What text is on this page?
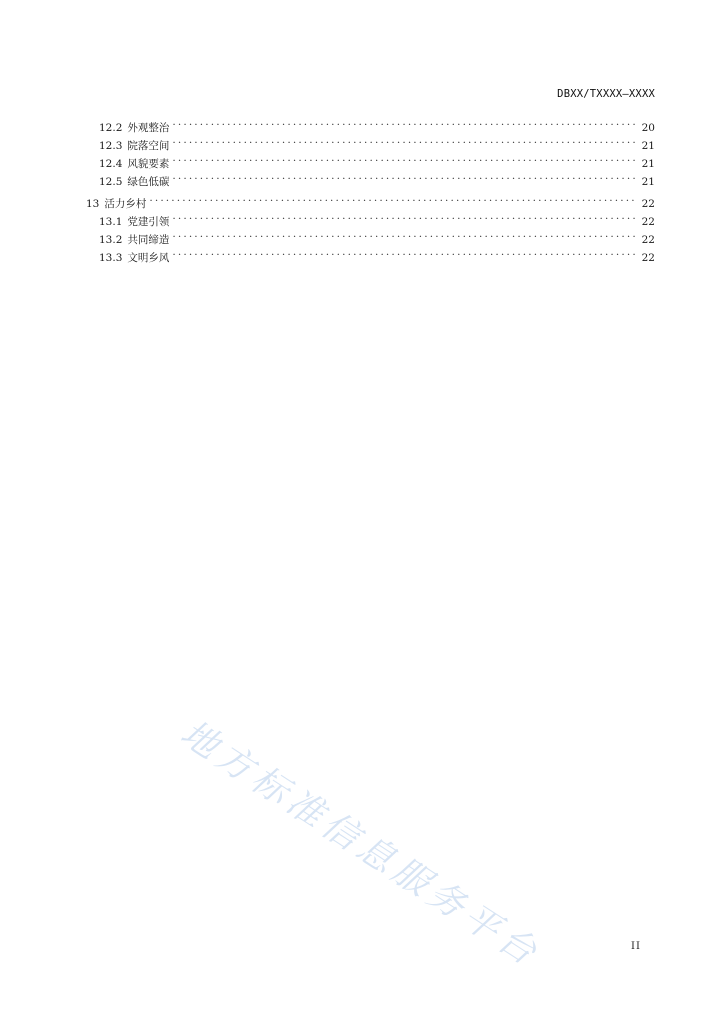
DBXX/TXXXX—XXXX
12.2 外观整治 . . .	20
12.3 院落空间 . . .	21
12.4 风貌要素 . . .	21
12.5 绿色低碳 . . .	21
13 活力乡村 . . .	22
13.1 党建引领 . . .	22
13.2 共同缔造 . . .	22
13.3 文明乡风 . . .	22
地方标准信息服务平台	II
